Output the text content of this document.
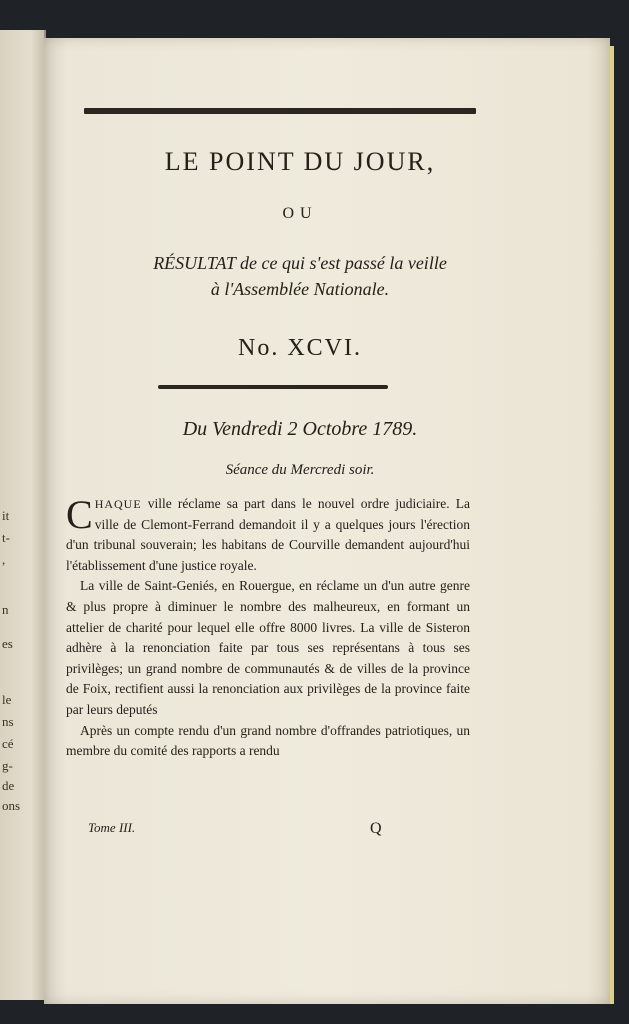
it
t-
,
n
es
le
ns
cé
g-
de
ons
LE POINT DU JOUR,
OU
RÉSULTAT de ce qui s'est passé la veille
à l'Assemblée Nationale.
No. XCVI.
Du Vendredi 2 Octobre 1789.
Séance du Mercredi soir.

CHAQUE ville réclame sa part dans le nouvel ordre judiciaire. La ville de Clemont-Ferrand demandoit il y a quelques jours l'érection d'un tribunal souverain; les habitans de Courville demandent aujourd'hui l'établissement d'une justice royale.

La ville de Saint-Geniés, en Rouergue, en réclame un d'un autre genre & plus propre à diminuer le nombre des malheureux, en formant un attelier de charité pour lequel elle offre 8000 livres. La ville de Sisteron adhère à la renonciation faite par tous ses représentans à tous ses privilèges; un grand nombre de communautés & de villes de la province de Foix, rectifient aussi la renonciation aux privilèges de la province faite par leurs deputés

Après un compte rendu d'un grand nombre d'offrandes patriotiques, un membre du comité des rapports a rendu

Tome III.	Q
